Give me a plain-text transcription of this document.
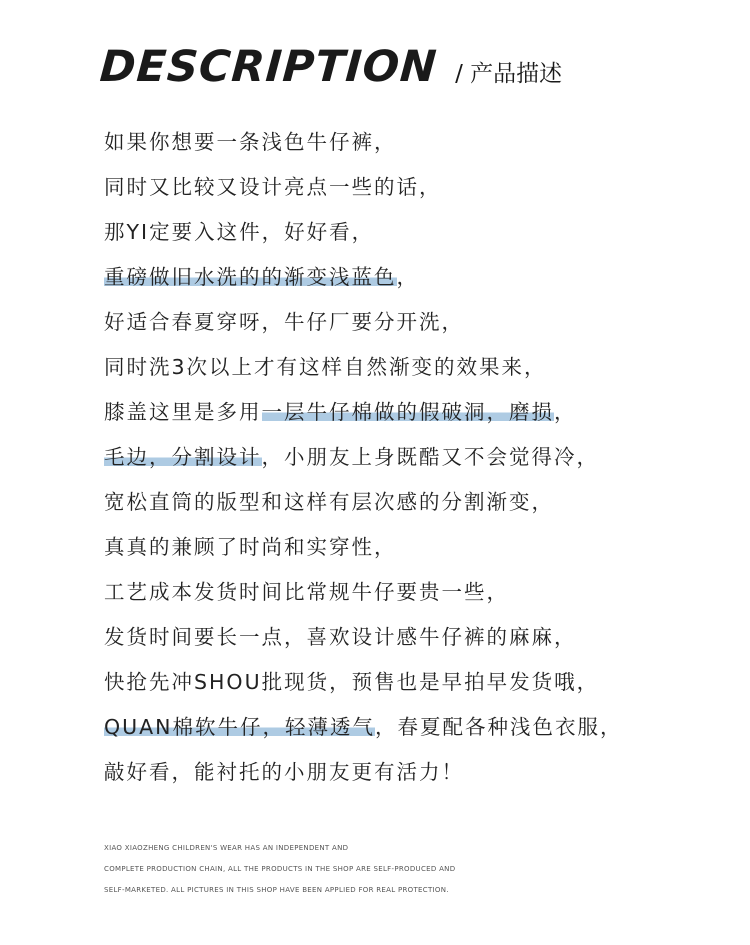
DESCRIPTION / 产品描述
如果你想要一条浅色牛仔裤，
同时又比较又设计亮点一些的话，
那YI定要入这件，好好看，
重磅做旧水洗的的渐变浅蓝色，
好适合春夏穿呀，牛仔厂要分开洗，
同时洗3次以上才有这样自然渐变的效果来，
膝盖这里是多用一层牛仔棉做的假破洞，磨损，
毛边，分割设计，小朋友上身既酷又不会觉得冷，
宽松直筒的版型和这样有层次感的分割渐变，
真真的兼顾了时尚和实穿性，
工艺成本发货时间比常规牛仔要贵一些，
发货时间要长一点，喜欢设计感牛仔裤的麻麻，
快抢先冲SHOU批现货，预售也是早拍早发货哦，
QUAN棉软牛仔，轻薄透气，春夏配各种浅色衣服，
敲好看，能衬托的小朋友更有活力！
XIAO XIAOZHENG CHILDREN'S WEAR HAS AN INDEPENDENT AND
COMPLETE PRODUCTION CHAIN, ALL THE PRODUCTS IN THE SHOP ARE SELF-PRODUCED AND
SELF-MARKETED. ALL PICTURES IN THIS SHOP HAVE BEEN APPLIED FOR REAL PROTECTION.
